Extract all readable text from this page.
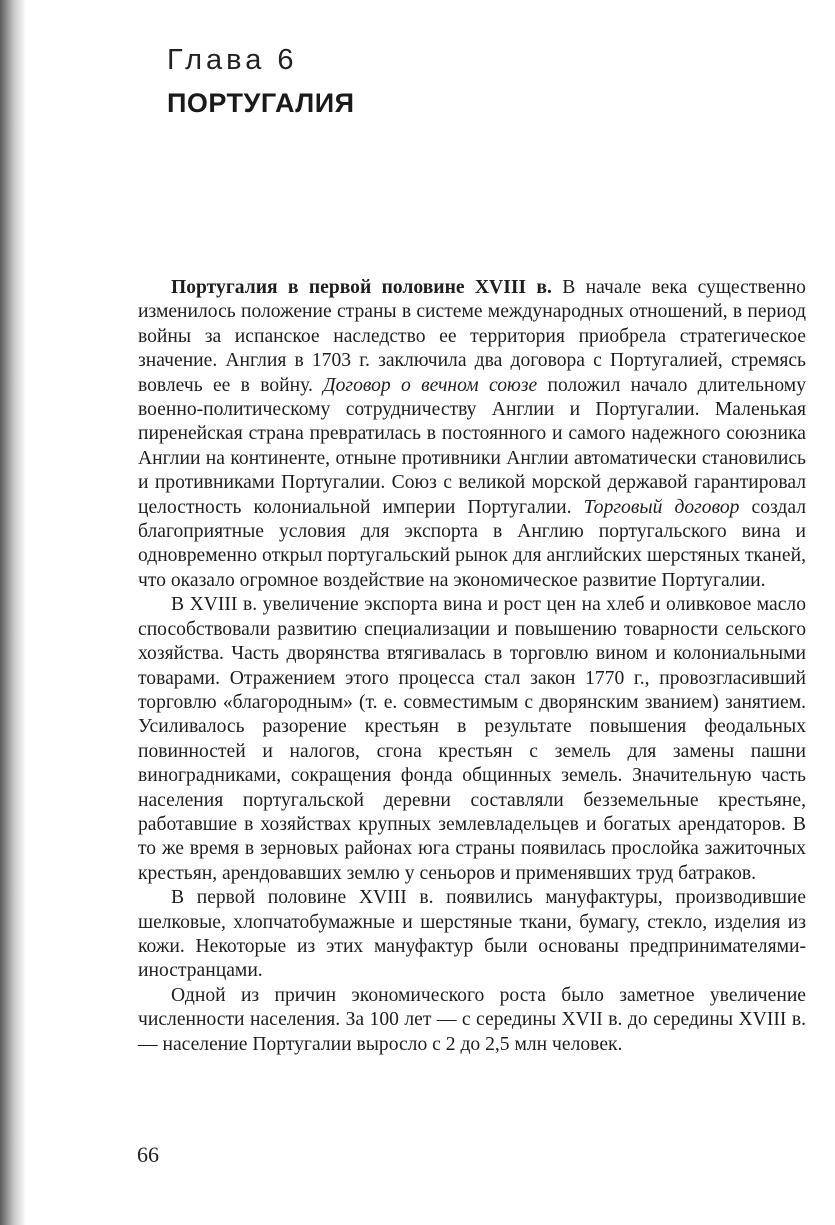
Глава 6
ПОРТУГАЛИЯ

Португалия в первой половине XVIII в. В начале века существенно изменилось положение страны в системе международных отношений, в период войны за испанское наследство ее территория приобрела стратегическое значение. Англия в 1703 г. заключила два договора с Португалией, стремясь вовлечь ее в войну. Договор о вечном союзе положил начало длительному военно-политическому сотрудничеству Англии и Португалии. Маленькая пиренейская страна превратилась в постоянного и самого надежного союзника Англии на континенте, отныне противники Англии автоматически становились и противниками Португалии. Союз с великой морской державой гарантировал целостность колониальной империи Португалии. Торговый договор создал благоприятные условия для экспорта в Англию португальского вина и одновременно открыл португальский рынок для английских шерстяных тканей, что оказало огромное воздействие на экономическое развитие Португалии.

В XVIII в. увеличение экспорта вина и рост цен на хлеб и оливковое масло способствовали развитию специализации и повышению товарности сельского хозяйства. Часть дворянства втягивалась в торговлю вином и колониальными товарами. Отражением этого процесса стал закон 1770 г., провозгласивший торговлю «благородным» (т. е. совместимым с дворянским званием) занятием. Усиливалось разорение крестьян в результате повышения феодальных повинностей и налогов, сгона крестьян с земель для замены пашни виноградниками, сокращения фонда общинных земель. Значительную часть населения португальской деревни составляли безземельные крестьяне, работавшие в хозяйствах крупных землевладельцев и богатых арендаторов. В то же время в зерновых районах юга страны появилась прослойка зажиточных крестьян, арендовавших землю у сеньоров и применявших труд батраков.

В первой половине XVIII в. появились мануфактуры, производившие шелковые, хлопчатобумажные и шерстяные ткани, бумагу, стекло, изделия из кожи. Некоторые из этих мануфактур были основаны предпринимателями-иностранцами.

Одной из причин экономического роста было заметное увеличение численности населения. За 100 лет — с середины XVII в. до середины XVIII в. — население Португалии выросло с 2 до 2,5 млн человек.

66
